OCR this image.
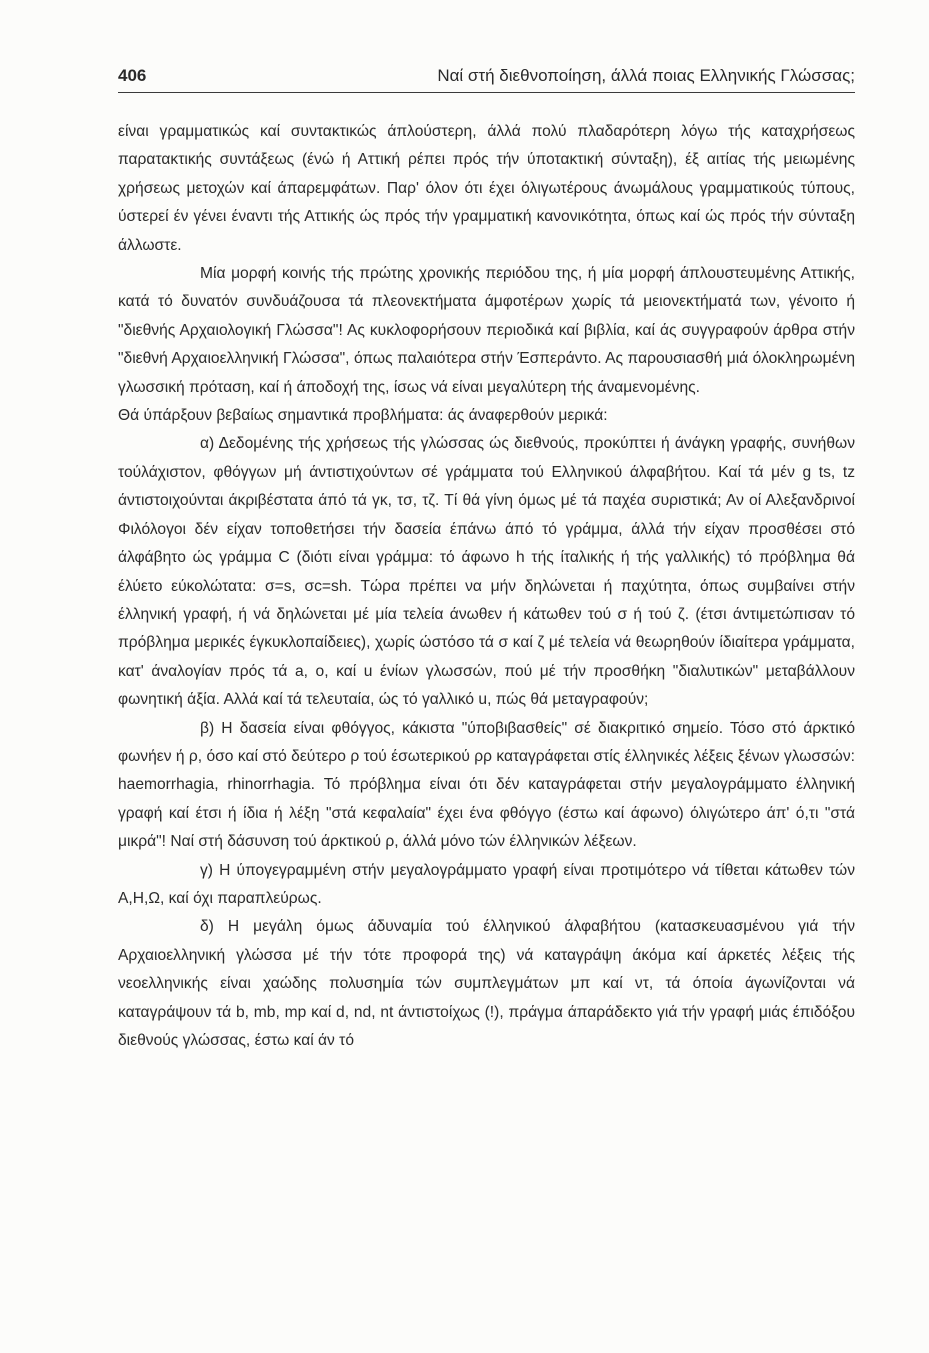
406	Ναί στή διεθνοποίηση, άλλά ποιας Ελληνικής Γλώσσας;

είναι γραμματικώς καί συντακτικώς άπλούστερη, άλλά πολύ πλαδαρότερη λόγω τής καταχρήσεως παρατακτικής συντάξεως (ένώ ή Αττική ρέπει πρός τήν ύποτακτική σύνταξη), έξ αιτίας τής μειωμένης χρήσεως μετοχών καί άπαρεμφάτων. Παρ' όλον ότι έχει όλιγωτέρους άνωμάλους γραμματικούς τύπους, ύστερεί έν γένει έναντι τής Αττικής ώς πρός τήν γραμματική κανονικότητα, όπως καί ώς πρός τήν σύνταξη άλλωστε.

Μία μορφή κοινής τής πρώτης χρονικής περιόδου της, ή μία μορφή άπλουστευμένης Αττικής, κατά τό δυνατόν συνδυάζουσα τά πλεονεκτήματα άμφοτέρων χωρίς τά μειονεκτήματά των, γένοιτο ή "διεθνής Αρχαιολογική Γλώσσα"! Ας κυκλοφορήσουν περιοδικά καί βιβλία, καί άς συγγραφούν άρθρα στήν "διεθνή Αρχαιοελληνική Γλώσσα", όπως παλαιότερα στήν Έσπεράντο. Ας παρουσιασθή μιά όλοκληρωμένη γλωσσική πρόταση, καί ή άποδοχή της, ίσως νά είναι μεγαλύτερη τής άναμενομένης.

Θά ύπάρξουν βεβαίως σημαντικά προβλήματα: άς άναφερθούν μερικά:

α) Δεδομένης τής χρήσεως τής γλώσσας ώς διεθνούς, προκύπτει ή άνάγκη γραφής, συνήθων τούλάχιστον, φθόγγων μή άντιστιχούντων σέ γράμματα τού Ελληνικού άλφαβήτου. Καί τά μέν g ts, tz άντιστοιχούνται άκριβέστατα άπό τά γκ, τσ, τζ. Τί θά γίνη όμως μέ τά παχέα συριστικά; Αν οί Αλεξανδρινοί Φιλόλογοι δέν είχαν τοποθετήσει τήν δασεία έπάνω άπό τό γράμμα, άλλά τήν είχαν προσθέσει στό άλφάβητο ώς γράμμα C (διότι είναι γράμμα: τό άφωνο h τής ίταλικής ή τής γαλλικής) τό πρόβλημα θά έλύετο εύκολώτατα: σ=s, σc=sh. Τώρα πρέπει να μήν δηλώνεται ή παχύτητα, όπως συμβαίνει στήν έλληνική γραφή, ή νά δηλώνεται μέ μία τελεία άνωθεν ή κάτωθεν τού σ ή τού ζ. (έτσι άντιμετώπισαν τό πρόβλημα μερικές έγκυκλοπαίδειες), χωρίς ώστόσο τά σ καί ζ μέ τελεία νά θεωρηθούν ίδιαίτερα γράμματα, κατ' άναλογίαν πρός τά a, o, καί u ένίων γλωσσών, πού μέ τήν προσθήκη "διαλυτικών" μεταβάλλουν φωνητική άξία. Αλλά καί τά τελευταία, ώς τό γαλλικό u, πώς θά μεταγραφούν;

β) Η δασεία είναι φθόγγος, κάκιστα "ύποβιβασθείς" σέ διακριτικό σημείο. Τόσο στό άρκτικό φωνήεν ή ρ, όσο καί στό δεύτερο ρ τού έσωτερικού ρρ καταγράφεται στίς έλληνικές λέξεις ξένων γλωσσών: haemorrhagia, rhinorrhagia. Τό πρόβλημα είναι ότι δέν καταγράφεται στήν μεγαλογράμματο έλληνική γραφή καί έτσι ή ίδια ή λέξη "στά κεφαλαία" έχει ένα φθόγγο (έστω καί άφωνο) όλιγώτερο άπ' ό,τι "στά μικρά"! Ναί στή δάσυνση τού άρκτικού ρ, άλλά μόνο τών έλληνικών λέξεων.

γ) Η ύπογεγραμμένη στήν μεγαλογράμματο γραφή είναι προτιμότερο νά τίθεται κάτωθεν τών Α,Η,Ω, καί όχι παραπλεύρως.

δ) Η μεγάλη όμως άδυναμία τού έλληνικού άλφαβήτου (κατασκευασμένου γιά τήν Αρχαιοελληνική γλώσσα μέ τήν τότε προφορά της) νά καταγράψη άκόμα καί άρκετές λέξεις τής νεοελληνικής είναι χαώδης πολυσημία τών συμπλεγμάτων μπ καί ντ, τά όποία άγωνίζονται νά καταγράψουν τά b, mb, mp καί d, nd, nt άντιστοίχως (!), πράγμα άπαράδεκτο γιά τήν γραφή μιάς έπιδόξου διεθνούς γλώσσας, έστω καί άν τό
